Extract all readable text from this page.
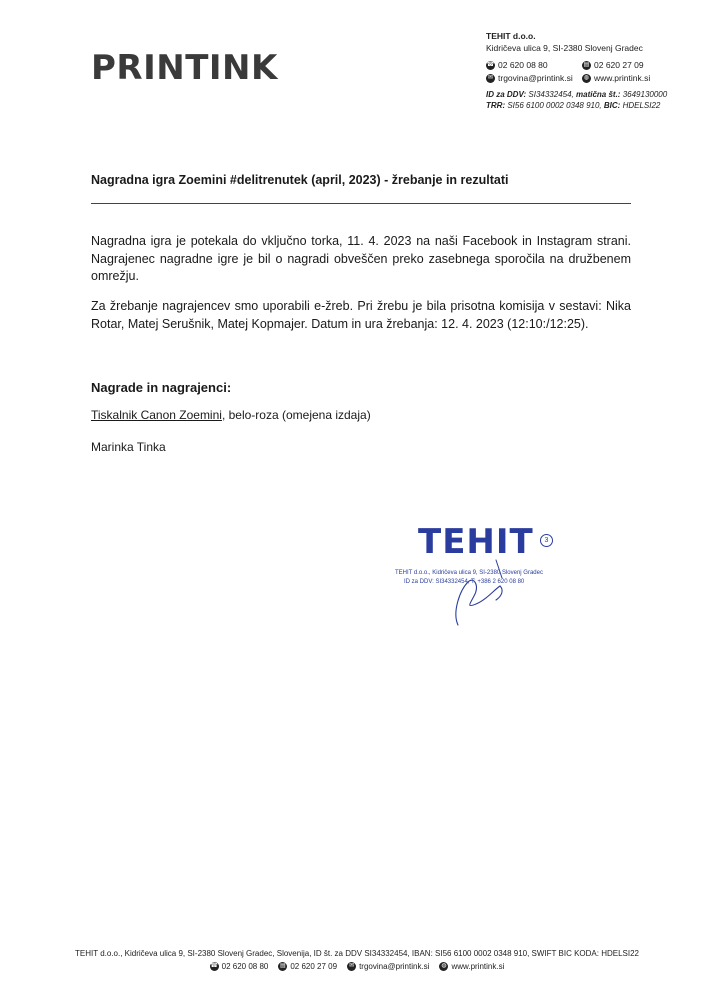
PRINTINK
TEHIT d.o.o.
Kidričeva ulica 9, SI-2380 Slovenj Gradec
☎ 02 620 08 80	▤ 02 620 27 09
✉ trgovina@printink.si	◍ www.printink.si
ID za DDV: SI34332454, matična št.: 3649130000
TRR: SI56 6100 0002 0348 910, BIC: HDELSI22
Nagradna igra Zoemini #delitrenutek (april, 2023) - žrebanje in rezultati

Nagradna igra je potekala do vključno torka, 11. 4. 2023 na naši Facebook in Instagram strani. Nagrajenec nagradne igre je bil o nagradi obveščen preko zasebnega sporočila na družbenem omrežju.

Za žrebanje nagrajencev smo uporabili e-žreb. Pri žrebu je bila prisotna komisija v sestavi: Nika Rotar, Matej Serušnik, Matej Kopmajer. Datum in ura žrebanja: 12. 4. 2023 (12:10:/12:25).

Nagrade in nagrajenci:
Tiskalnik Canon Zoemini, belo-roza (omejena izdaja)
Marinka Tinka
TEHIT	3
TEHIT d.o.o., Kidričeva ulica 9, SI-2380 Slovenj Gradec
ID za DDV: SI34332454, T: +386 2 620 08 80
TEHIT d.o.o., Kidričeva ulica 9, SI-2380 Slovenj Gradec, Slovenija, ID št. za DDV SI34332454, IBAN: SI56 6100 0002 0348 910, SWIFT BIC KODA: HDELSI22
☎ 02 620 08 80 ▤ 02 620 27 09	✉ trgovina@printink.si	◍ www.printink.si
